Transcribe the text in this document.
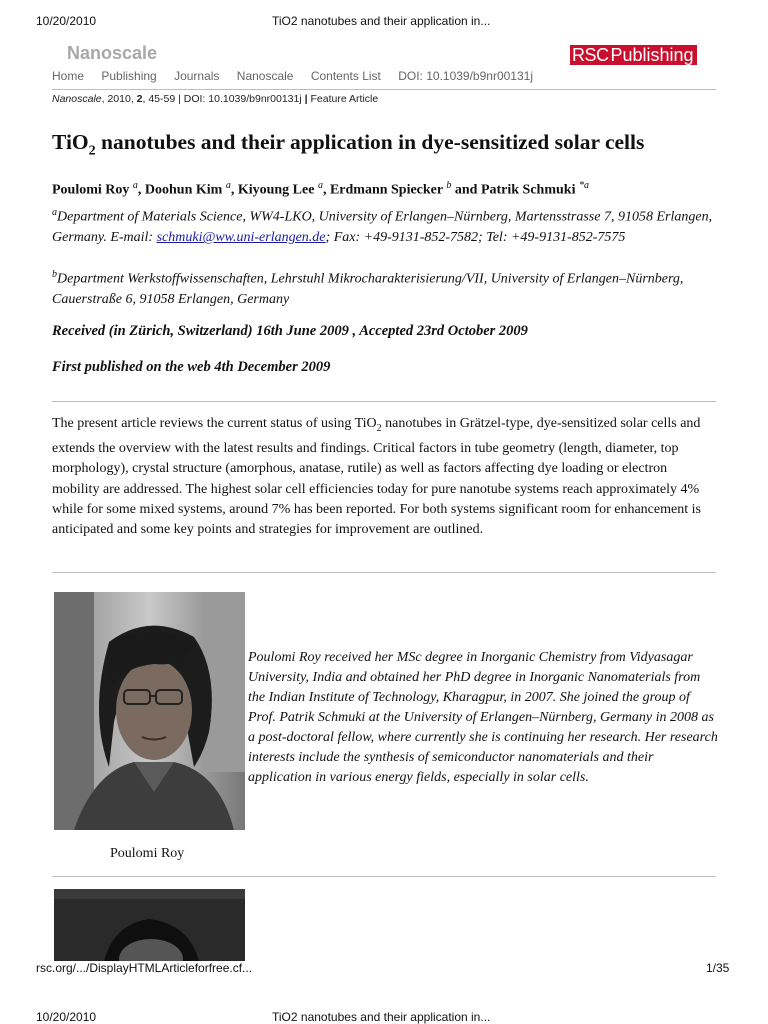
10/20/2010	TiO2 nanotubes and their application in...
Nanoscale	RSC Publishing
Home Publishing Journals Nanoscale Contents List DOI: 10.1039/b9nr00131j
Nanoscale, 2010, 2, 45-59 | DOI: 10.1039/b9nr00131j | Feature Article
TiO$_2$ nanotubes and their application in dye-sensitized solar cells
Poulomi Roy $^a$, Doohun Kim $^a$, Kiyoung Lee $^a$, Erdmann Spiecker $^b$ and Patrik Schmuki $^{*a}$
$^a$Department of Materials Science, WW4-LKO, University of Erlangen–Nürnberg, Martensstrasse 7, 91058 Erlangen, Germany. E-mail: schmuki@ww.uni-erlangen.de; Fax: +49-9131-852-7582; Tel: +49-9131-852-7575
$^b$Department Werkstoffwissenschaften, Lehrstuhl Mikrocharakterisierung/VII, University of Erlangen–Nürnberg, Cauerstraße 6, 91058 Erlangen, Germany
Received (in Zürich, Switzerland) 16th June 2009 , Accepted 23rd October 2009
First published on the web 4th December 2009
The present article reviews the current status of using TiO$_2$ nanotubes in Grätzel-type, dye-sensitized solar cells and extends the overview with the latest results and findings. Critical factors in tube geometry (length, diameter, top morphology), crystal structure (amorphous, anatase, rutile) as well as factors affecting dye loading or electron mobility are addressed. The highest solar cell efficiencies today for pure nanotube systems reach approximately 4% while for some mixed systems, around 7% has been reported. For both systems significant room for enhancement is anticipated and some key points and strategies for improvement are outlined.
Poulomi Roy received her MSc degree in Inorganic Chemistry from Vidyasagar University, India and obtained her PhD degree in Inorganic Nanomaterials from the Indian Institute of Technology, Kharagpur, in 2007. She joined the group of Prof. Patrik Schmuki at the University of Erlangen–Nürnberg, Germany in 2008 as a post-doctoral fellow, where currently she is continuing her research. Her research interests include the synthesis of semiconductor nanomaterials and their application in various energy fields, especially in solar cells.
Poulomi Roy
rsc.org/.../DisplayHTMLArticleforfree.cf...	1/35
10/20/2010	TiO2 nanotubes and their application in...
